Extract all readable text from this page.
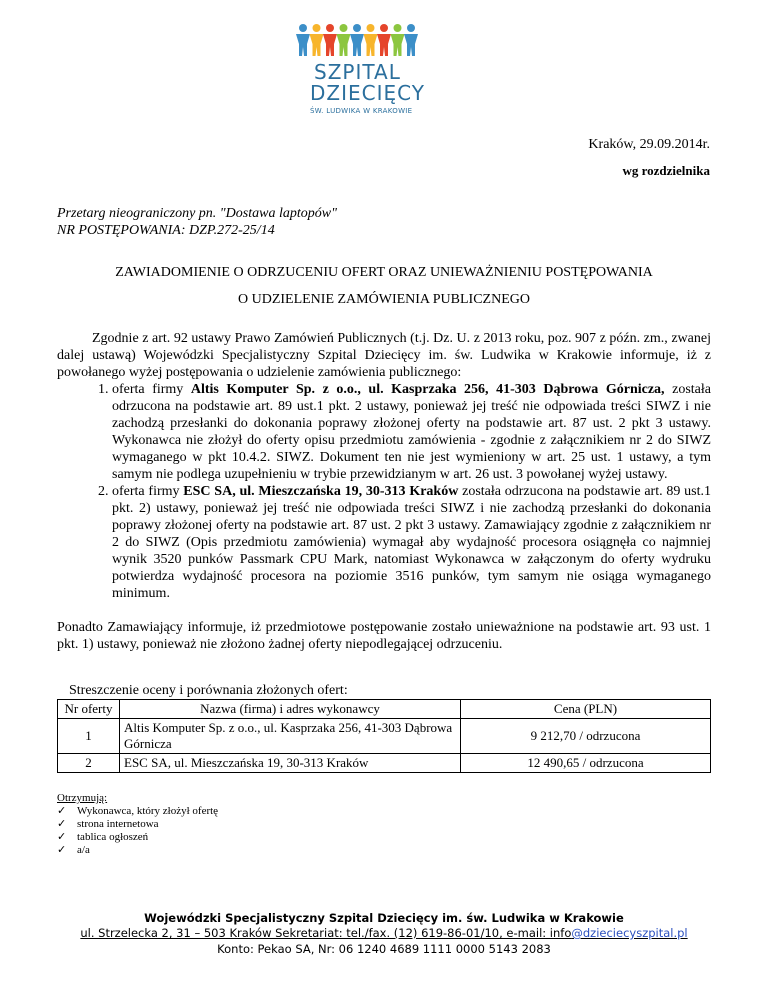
SZPITAL
DZIECIĘCY
ŚW. LUDWIKA W KRAKOWIE
Kraków, 29.09.2014r.
wg rozdzielnika
Przetarg nieograniczony pn. "Dostawa laptopów"
NR POSTĘPOWANIA: DZP.272-25/14
ZAWIADOMIENIE O ODRZUCENIU OFERT ORAZ UNIEWAŻNIENIU POSTĘPOWANIA
O UDZIELENIE ZAMÓWIENIA PUBLICZNEGO

Zgodnie z art. 92 ustawy Prawo Zamówień Publicznych (t.j. Dz. U. z 2013 roku, poz. 907 z późn. zm., zwanej dalej ustawą) Wojewódzki Specjalistyczny Szpital Dziecięcy im. św. Ludwika w Krakowie informuje, iż z powołanego wyżej postępowania o udzielenie zamówienia publicznego:

1. oferta firmy Altis Komputer Sp. z o.o., ul. Kasprzaka 256, 41-303 Dąbrowa Górnicza, została odrzucona na podstawie art. 89 ust.1 pkt. 2 ustawy, ponieważ jej treść nie odpowiada treści SIWZ i nie zachodzą przesłanki do dokonania poprawy złożonej oferty na podstawie art. 87 ust. 2 pkt 3 ustawy. Wykonawca nie złożył do oferty opisu przedmiotu zamówienia - zgodnie z załącznikiem nr 2 do SIWZ wymaganego w pkt 10.4.2. SIWZ. Dokument ten nie jest wymieniony w art. 25 ust. 1 ustawy, a tym samym nie podlega uzupełnieniu w trybie przewidzianym w art. 26 ust. 3 powołanej wyżej ustawy.
2. oferta firmy ESC SA, ul. Mieszczańska 19, 30-313 Kraków została odrzucona na podstawie art. 89 ust.1 pkt. 2) ustawy, ponieważ jej treść nie odpowiada treści SIWZ i nie zachodzą przesłanki do dokonania poprawy złożonej oferty na podstawie art. 87 ust. 2 pkt 3 ustawy. Zamawiający zgodnie z załącznikiem nr 2 do SIWZ (Opis przedmiotu zamówienia) wymagał aby wydajność procesora osiągnęła co najmniej wynik 3520 punków Passmark CPU Mark, natomiast Wykonawca w załączonym do oferty wydruku potwierdza wydajność procesora na poziomie 3516 punków, tym samym nie osiąga wymaganego minimum.

Ponadto Zamawiający informuje, iż przedmiotowe postępowanie zostało unieważnione na podstawie art. 93 ust. 1 pkt. 1) ustawy, ponieważ nie złożono żadnej oferty niepodlegającej odrzuceniu.

Streszczenie oceny i porównania złożonych ofert:
Nr oferty	Nazwa (firma) i adres wykonawcy	Cena (PLN)
1	Altis Komputer Sp. z o.o., ul. Kasprzaka 256, 41-303 Dąbrowa Górnicza	9 212,70 / odrzucona
2	ESC SA, ul. Mieszczańska 19, 30-313 Kraków	12 490,65 / odrzucona
Otrzymują:
✓ Wykonawca, który złożył ofertę
✓ strona internetowa
✓ tablica ogłoszeń
✓ a/a
Wojewódzki Specjalistyczny Szpital Dziecięcy im. św. Ludwika w Krakowie
ul. Strzelecka 2, 31 – 503 Kraków Sekretariat: tel./fax. (12) 619-86-01/10, e-mail: info@dzieciecyszpital.pl
Konto: Pekao SA, Nr: 06 1240 4689 1111 0000 5143 2083
